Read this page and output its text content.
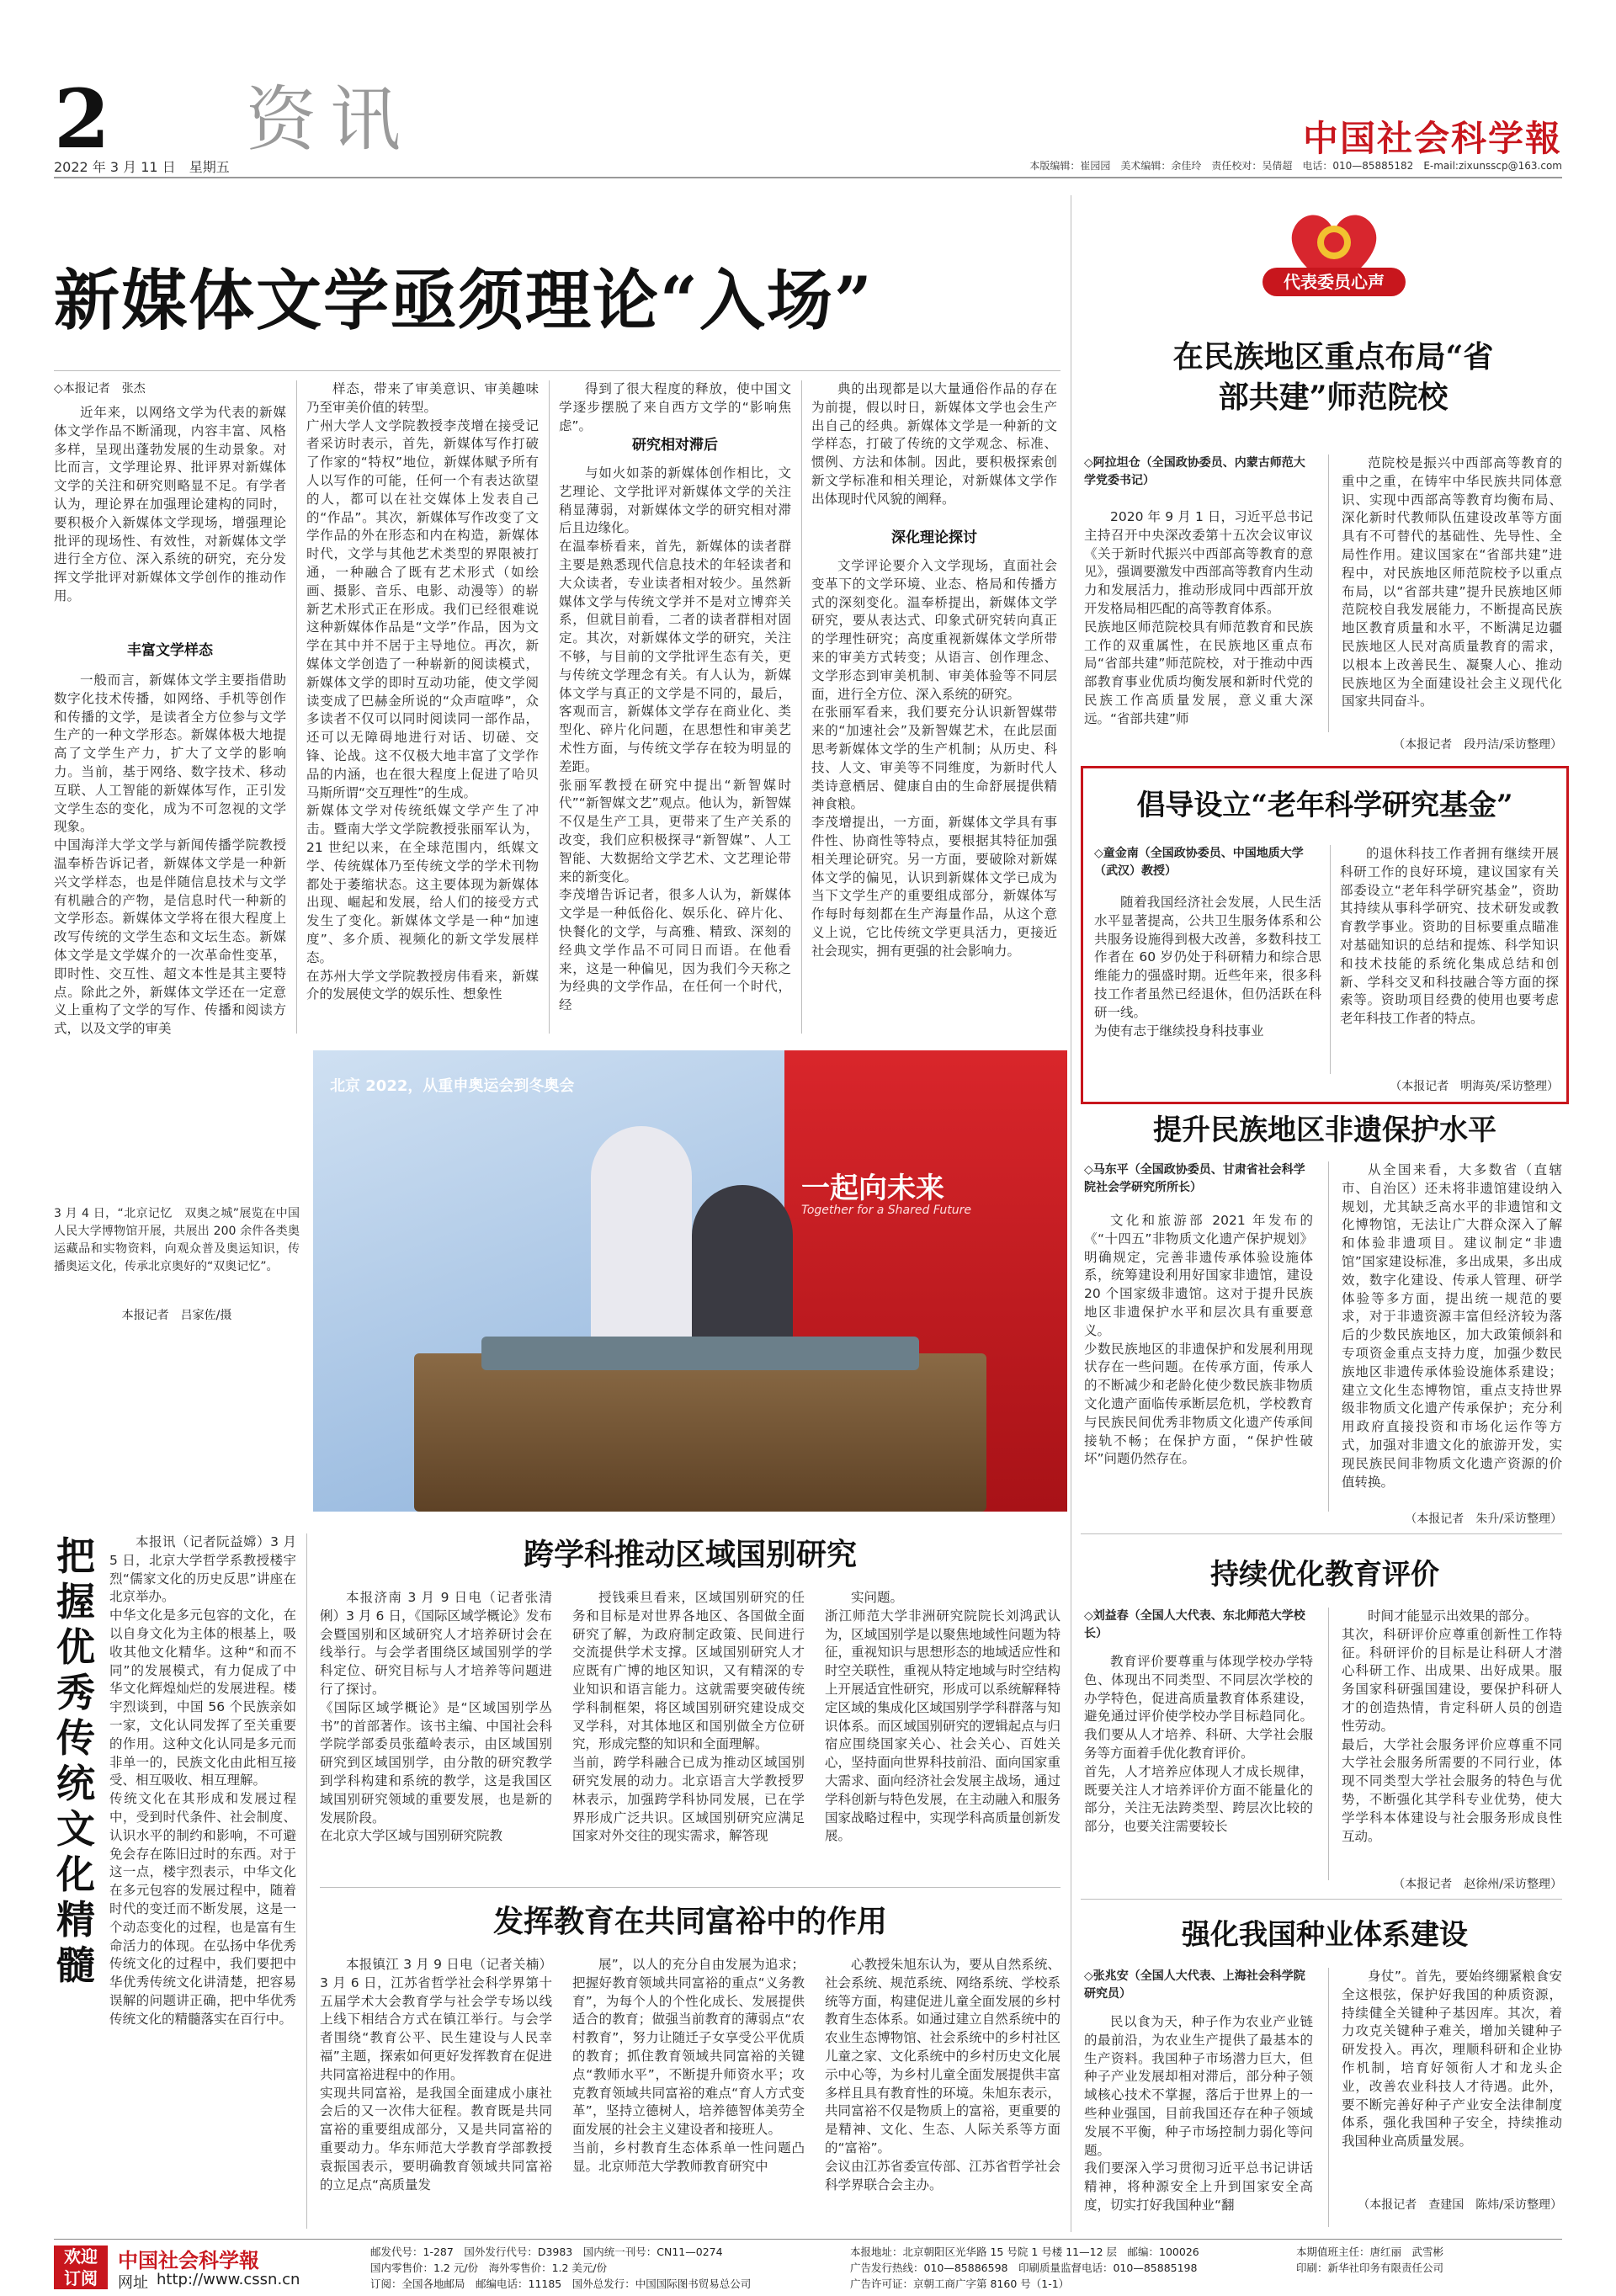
2 资讯
2022 年 3 月 11 日　星期五
中国社会科学報
本版编辑：崔园园　美术编辑：余佳玲　责任校对：吴倩超　电话：010—85885182　E-mail:zixunsscp@163.com
新媒体文学亟须理论“入场”
◇本报记者　张杰
近年来，以网络文学为代表的新媒体文学作品不断涌现，内容丰富、风格多样，呈现出蓬勃发展的生动景象。对比而言，文学理论界、批评界对新媒体文学的关注和研究则略显不足。有学者认为，理论界在加强理论建构的同时，要积极介入新媒体文学现场，增强理论批评的现场性、有效性，对新媒体文学进行全方位、深入系统的研究，充分发挥文学批评对新媒体文学创作的推动作用。
丰富文学样态
一般而言，新媒体文学主要指借助数字化技术传播，如网络、手机等创作和传播的文学，是读者全方位参与文学生产的一种文学形态。新媒体极大地提高了文学生产力，扩大了文学的影响力。当前，基于网络、数字技术、移动互联、人工智能的新媒体写作，正引发文学生态的变化，成为不可忽视的文学现象。
中国海洋大学文学与新闻传播学院教授温奉桥告诉记者，新媒体文学是一种新兴文学样态，也是伴随信息技术与文学有机融合的产物，是信息时代一种新的文学形态。新媒体文学将在很大程度上改写传统的文学生态和文坛生态。新媒体文学是文学媒介的一次革命性变革，即时性、交互性、超文本性是其主要特点。除此之外，新媒体文学还在一定意义上重构了文学的写作、传播和阅读方式，以及文学的审美
样态，带来了审美意识、审美趣味乃至审美价值的转型。
广州大学人文学院教授李茂增在接受记者采访时表示，首先，新媒体写作打破了作家的“特权”地位，新媒体赋予所有人以写作的可能，任何一个有表达欲望的人，都可以在社交媒体上发表自己的“作品”。其次，新媒体写作改变了文学作品的外在形态和内在构造，新媒体时代，文学与其他艺术类型的界限被打通，一种融合了既有艺术形式（如绘画、摄影、音乐、电影、动漫等）的崭新艺术形式正在形成。我们已经很难说这种新媒体作品是“文学”作品，因为文学在其中并不居于主导地位。再次，新媒体文学创造了一种崭新的阅读模式，新媒体文学的即时互动功能，使文学阅读变成了巴赫金所说的“众声喧哗”，众多读者不仅可以同时阅读同一部作品，还可以无障碍地进行对话、切磋、交锋、论战。这不仅极大地丰富了文学作品的内涵，也在很大程度上促进了哈贝马斯所谓“交互理性”的生成。
新媒体文学对传统纸媒文学产生了冲击。暨南大学文学院教授张丽军认为，21 世纪以来，在全球范围内，纸媒文学、传统媒体乃至传统文学的学术刊物都处于萎缩状态。这主要体现为新媒体出现、崛起和发展，给人们的接受方式发生了变化。新媒体文学是一种“加速度”、多介质、视频化的新文学发展样态。
在苏州大学文学院教授房伟看来，新媒介的发展使文学的娱乐性、想象性
得到了很大程度的释放，使中国文学逐步摆脱了来自西方文学的“影响焦虑”。
研究相对滞后
与如火如荼的新媒体创作相比，文艺理论、文学批评对新媒体文学的关注稍显薄弱，对新媒体文学的研究相对滞后且边缘化。
在温奉桥看来，首先，新媒体的读者群主要是熟悉现代信息技术的年轻读者和大众读者，专业读者相对较少。虽然新媒体文学与传统文学并不是对立博弈关系，但就目前看，二者的读者群相对固定。其次，对新媒体文学的研究，关注不够，与目前的文学批评生态有关，更与传统文学理念有关。有人认为，新媒体文学与真正的文学是不同的，最后，客观而言，新媒体文学存在商业化、类型化、碎片化问题，在思想性和审美艺术性方面，与传统文学存在较为明显的差距。
张丽军教授在研究中提出“新智媒时代”“新智媒文艺”观点。他认为，新智媒不仅是生产工具，更带来了生产关系的改变，我们应积极探寻“新智媒”、人工智能、大数据给文学艺术、文艺理论带来的新变化。
李茂增告诉记者，很多人认为，新媒体文学是一种低俗化、娱乐化、碎片化、快餐化的文学，与高雅、精致、深刻的经典文学作品不可同日而语。在他看来，这是一种偏见，因为我们今天称之为经典的文学作品，在任何一个时代，经
典的出现都是以大量通俗作品的存在为前提，假以时日，新媒体文学也会生产出自己的经典。新媒体文学是一种新的文学样态，打破了传统的文学观念、标准、惯例、方法和体制。因此，要积极探索创新文学标准和相关理论，对新媒体文学作出体现时代风貌的阐释。
深化理论探讨
文学评论要介入文学现场，直面社会变革下的文学环境、业态、格局和传播方式的深刻变化。温奉桥提出，新媒体文学研究，要从表达式、印象式研究转向真正的学理性研究；高度重视新媒体文学所带来的审美方式转变；从语言、创作理念、文学形态到审美机制、审美体验等不同层面，进行全方位、深入系统的研究。
在张丽军看来，我们要充分认识新智媒带来的“加速社会”及新智媒艺术，在此层面思考新媒体文学的生产机制；从历史、科技、人文、审美等不同维度，为新时代人类诗意栖居、健康自由的生命舒展提供精神食粮。
李茂增提出，一方面，新媒体文学具有事件性、协商性等特点，要根据其特征加强相关理论研究。另一方面，要破除对新媒体文学的偏见，认识到新媒体文学已成为当下文学生产的重要组成部分，新媒体写作每时每刻都在生产海量作品，从这个意义上说，它比传统文学更具活力，更接近社会现实，拥有更强的社会影响力。
代表委员心声
在民族地区重点布局“省部共建”师范院校
◇阿拉坦仓（全国政协委员、内蒙古师范大学党委书记）
2020 年 9 月 1 日，习近平总书记主持召开中央深改委第十五次会议审议《关于新时代振兴中西部高等教育的意见》，强调要激发中西部高等教育内生动力和发展活力，推动形成同中西部开放开发格局相匹配的高等教育体系。
民族地区师范院校具有师范教育和民族工作的双重属性，在民族地区重点布局“省部共建”师范院校，对于推动中西部教育事业优质均衡发展和新时代党的民族工作高质量发展，意义重大深远。“省部共建”师
范院校是振兴中西部高等教育的重中之重，在铸牢中华民族共同体意识、实现中西部高等教育均衡布局、深化新时代教师队伍建设改革等方面具有不可替代的基础性、先导性、全局性作用。建议国家在“省部共建”进程中，对民族地区师范院校予以重点布局，以“省部共建”提升民族地区师范院校自我发展能力，不断提高民族地区教育质量和水平，不断满足边疆民族地区人民对高质量教育的需求，以根本上改善民生、凝聚人心、推动民族地区为全面建设社会主义现代化国家共同奋斗。
（本报记者　段丹洁/采访整理）
倡导设立“老年科学研究基金”
◇童金南（全国政协委员、中国地质大学（武汉）教授）
随着我国经济社会发展，人民生活水平显著提高，公共卫生服务体系和公共服务设施得到极大改善，多数科技工作者在 60 岁仍处于科研精力和综合思维能力的强盛时期。近些年来，很多科技工作者虽然已经退休，但仍活跃在科研一线。
为使有志于继续投身科技事业
的退休科技工作者拥有继续开展科研工作的良好环境，建议国家有关部委设立“老年科学研究基金”，资助其持续从事科学研究、技术研发或教育教学事业。资助的目标要重点瞄准对基础知识的总结和提炼、科学知识和技术技能的系统化集成总结和创新、学科交叉和科技融合等方面的探索等。资助项目经费的使用也要考虑老年科技工作者的特点。
（本报记者　明海英/采访整理）
提升民族地区非遗保护水平
◇马东平（全国政协委员、甘肃省社会科学院社会学研究所所长）
文化和旅游部 2021 年发布的《“十四五”非物质文化遗产保护规划》明确规定，完善非遗传承体验设施体系，统筹建设利用好国家非遗馆，建设 20 个国家级非遗馆。这对于提升民族地区非遗保护水平和层次具有重要意义。
少数民族地区的非遗保护和发展利用现状存在一些问题。在传承方面，传承人的不断减少和老龄化使少数民族非物质文化遗产面临传承断层危机，学校教育与民族民间优秀非物质文化遗产传承间接轨不畅；在保护方面，“保护性破坏”问题仍然存在。
从全国来看，大多数省（直辖市、自治区）还未将非遗馆建设纳入规划，尤其缺乏高水平的非遗馆和文化博物馆，无法让广大群众深入了解和体验非遗项目。建议制定“非遗馆”国家建设标准，多出成果，多出成效，数字化建设、传承人管理、研学体验等多方面，提出统一规范的要求，对于非遗资源丰富但经济较为落后的少数民族地区，加大政策倾斜和专项资金重点支持力度，加强少数民族地区非遗传承体验设施体系建设；建立文化生态博物馆，重点支持世界级非物质文化遗产传承保护；充分利用政府直接投资和市场化运作等方式，加强对非遗文化的旅游开发，实现民族民间非物质文化遗产资源的价值转换。
（本报记者　朱升/采访整理）
持续优化教育评价
◇刘益春（全国人大代表、东北师范大学校长）
教育评价要尊重与体现学校办学特色、体现出不同类型、不同层次学校的办学特色，促进高质量教育体系建设，避免通过评价使学校办学目标趋同化。我们要从人才培养、科研、大学社会服务等方面着手优化教育评价。
首先，人才培养应体现人才成长规律，既要关注人才培养评价方面不能量化的部分，关注无法跨类型、跨层次比较的部分，也要关注需要较长
时间才能显示出效果的部分。
其次，科研评价应尊重创新性工作特征。科研评价的目标是让科研人才潜心科研工作、出成果、出好成果。服务国家科研强国建设，要保护科研人才的创造热情，肯定科研人员的创造性劳动。
最后，大学社会服务评价应尊重不同大学社会服务所需要的不同行业，体现不同类型大学社会服务的特色与优势，不断强化其学科专业优势，使大学学科本体建设与社会服务形成良性互动。
（本报记者　赵徐州/采访整理）
强化我国种业体系建设
◇张兆安（全国人大代表、上海社会科学院研究员）
民以食为天，种子作为农业产业链的最前沿，为农业生产提供了最基本的生产资料。我国种子市场潜力巨大，但种子产业发展却相对滞后，部分种子领域核心技术不掌握，落后于世界上的一些种业强国，目前我国还存在种子领域发展不平衡，种子市场控制力弱化等问题。
我们要深入学习贯彻习近平总书记讲话精神，将种源安全上升到国家安全高度，切实打好我国种业“翻
身仗”。首先，要始终绷紧粮食安全这根弦，保护好我国的种质资源，持续健全关键种子基因库。其次，着力攻克关键种子难关，增加关键种子研发投入。再次，理顺科研和企业协作机制，培育好领衔人才和龙头企业，改善农业科技人才待遇。此外，要不断完善好种子产业安全法律制度体系，强化我国种子安全，持续推动我国种业高质量发展。
（本报记者　查建国　陈炜/采访整理）
北京 2022，从重申奥运会到冬奥会
一起向未来
Together for a Shared Future
3 月 4 日，“北京记忆　双奥之城”展览在中国人民大学博物馆开展，共展出 200 余件各类奥运藏品和实物资料，向观众普及奥运知识，传播奥运文化，传承北京奥好的“双奥记忆”。
本报记者　吕家佐/摄
把握优秀传统文化精髓
本报讯（记者阮益嫦）3 月 5 日，北京大学哲学系教授楼宇烈“儒家文化的历史反思”讲座在北京举办。
中华文化是多元包容的文化，在以自身文化为主体的根基上，吸收其他文化精华。这种“和而不同”的发展模式，有力促成了中华文化辉煌灿烂的发展进程。楼宇烈谈到，中国 56 个民族亲如一家，文化认同发挥了至关重要的作用。这种文化认同是多元而非单一的，民族文化由此相互接受、相互吸收、相互理解。
传统文化在其形成和发展过程中，受到时代条件、社会制度、认识水平的制约和影响，不可避免会存在陈旧过时的东西。对于这一点，楼宇烈表示，中华文化在多元包容的发展过程中，随着时代的变迁而不断发展，这是一个动态变化的过程，也是富有生命活力的体现。在弘扬中华优秀传统文化的过程中，我们要把中华优秀传统文化讲清楚，把容易误解的问题讲正确，把中华优秀传统文化的精髓落实在百行中。
跨学科推动区域国别研究
本报济南 3 月 9 日电（记者张清俐）3 月 6 日，《国际区域学概论》发布会暨国别和区域研究人才培养研讨会在线举行。与会学者围绕区域国别学的学科定位、研究目标与人才培养等问题进行了探讨。
《国际区域学概论》是“区域国别学丛书”的首部著作。该书主编、中国社会科学院学部委员张蕴岭表示，由区域国别研究到区域国别学，由分散的研究教学到学科构建和系统的教学，这是我国区域国别研究领域的重要发展，也是新的发展阶段。
在北京大学区域与国别研究院教
授钱乘旦看来，区域国别研究的任务和目标是对世界各地区、各国做全面研究了解，为政府制定政策、民间进行交流提供学术支撑。区域国别研究人才应既有广博的地区知识，又有精深的专业知识和语言能力。这就需要突破传统学科制框架，将区域国别研究建设成交叉学科，对其体地区和国别做全方位研究，形成完整的知识和全面理解。
当前，跨学科融合已成为推动区域国别研究发展的动力。北京语言大学教授罗林表示，加强跨学科协同发展，已在学界形成广泛共识。区域国别研究应满足国家对外交往的现实需求，解答现
实问题。
浙江师范大学非洲研究院院长刘鸿武认为，区域国别学是以聚焦地域性问题为特征，重视知识与思想形态的地域适应性和时空关联性，重视从特定地域与时空结构上开展适宜性研究，形成可以系统解释特定区域的集成化区域国别学学科群落与知识体系。而区域国别研究的逻辑起点与归宿应围绕国家关心、社会关心、百姓关心，坚持面向世界科技前沿、面向国家重大需求、面向经济社会发展主战场，通过学科创新与特色发展，在主动融入和服务国家战略过程中，实现学科高质量创新发展。
发挥教育在共同富裕中的作用
本报镇江 3 月 9 日电（记者关楠）3 月 6 日，江苏省哲学社会科学界第十五届学术大会教育学与社会学专场以线上线下相结合方式在镇江举行。与会学者围绕“教育公平、民生建设与人民幸福”主题，探索如何更好发挥教育在促进共同富裕进程中的作用。
实现共同富裕，是我国全面建成小康社会后的又一次伟大征程。教育既是共同富裕的重要组成部分，又是共同富裕的重要动力。华东师范大学教育学部教授袁振国表示，要明确教育领域共同富裕的立足点“高质量发
展”，以人的充分自由发展为追求；把握好教育领域共同富裕的重点“义务教育”，为每个人的个性化成长、发展提供适合的教育；做强当前教育的薄弱点“农村教育”，努力让随迁子女享受公平优质的教育；抓住教育领域共同富裕的关键点“教师水平”，不断提升师资水平；攻克教育领域共同富裕的难点“育人方式变革”，坚持立德树人，培养德智体美劳全面发展的社会主义建设者和接班人。
当前，乡村教育生态体系单一性问题凸显。北京师范大学教师教育研究中
心教授朱旭东认为，要从自然系统、社会系统、规范系统、网络系统、学校系统等方面，构建促进儿童全面发展的乡村教育生态体系。如通过建立自然系统中的农业生态博物馆、社会系统中的乡村社区儿童之家、文化系统中的乡村历史文化展示中心等，为乡村儿童全面发展提供丰富多样且具有教育性的环境。朱旭东表示，共同富裕不仅是物质上的富裕，更重要的是精神、文化、生态、人际关系等方面的“富裕”。
会议由江苏省委宣传部、江苏省哲学社会科学界联合会主办。
欢迎订阅
中国社会科学報
网址 http://www.cssn.cn
邮发代号：1-287　国外发行代号：D3983　国内统一刊号：CN11—0274
国内零售价：1.2 元/份　海外零售价：1.2 美元/份
订阅：全国各地邮局　邮编电话：11185　国外总发行：中国国际图书贸易总公司
本报地址：北京朝阳区光华路 15 号院 1 号楼 11—12 层　邮编：100026
广告发行热线：010—85886598　印刷质量监督电话：010—85885198
广告许可证：京朝工商广字第 8160 号（1-1）
本期值班主任：唐红丽　武雪彬
印刷：新华社印务有限责任公司
